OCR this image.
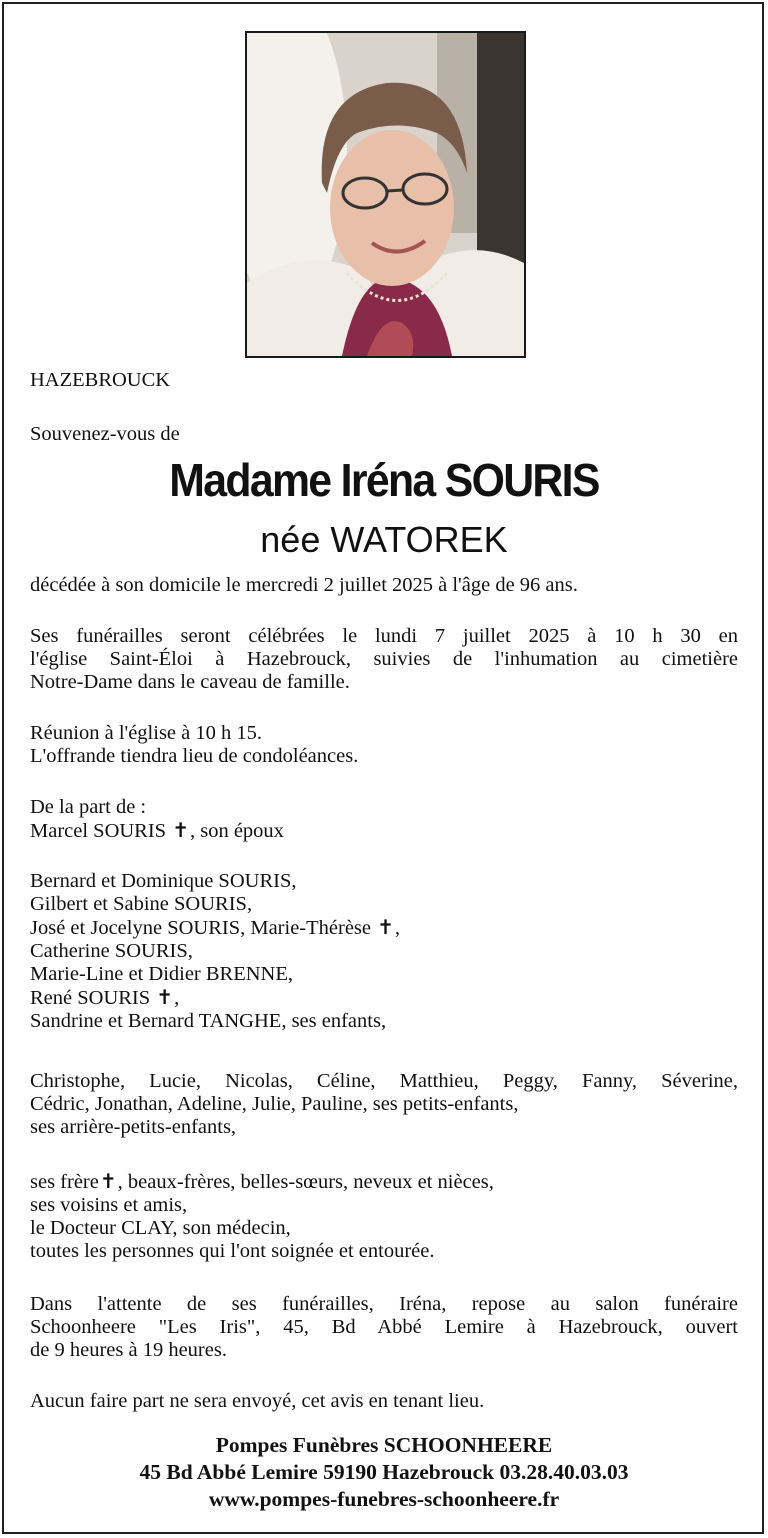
HAZEBROUCK

Souvenez-vous de

Madame Iréna SOURIS
née WATOREK

décédée à son domicile le mercredi 2 juillet 2025 à l'âge de 96 ans.

Ses funérailles seront célébrées le lundi 7 juillet 2025 à 10 h 30 en
l'église Saint-Éloi à Hazebrouck, suivies de l'inhumation au cimetière
Notre-Dame dans le caveau de famille.
Réunion à l'église à 10 h 15.
L'offrande tiendra lieu de condoléances.
De la part de :
Marcel SOURIS ✝, son époux
Bernard et Dominique SOURIS,
Gilbert et Sabine SOURIS,
José et Jocelyne SOURIS, Marie-Thérèse ✝,
Catherine SOURIS,
Marie-Line et Didier BRENNE,
René SOURIS ✝,
Sandrine et Bernard TANGHE, ses enfants,
Christophe, Lucie, Nicolas, Céline, Matthieu, Peggy, Fanny, Séverine,
Cédric, Jonathan, Adeline, Julie, Pauline, ses petits-enfants,
ses arrière-petits-enfants,
ses frère✝, beaux-frères, belles-sœurs, neveux et nièces,
ses voisins et amis,
le Docteur CLAY, son médecin,
toutes les personnes qui l'ont soignée et entourée.
Dans l'attente de ses funérailles, Iréna, repose au salon funéraire
Schoonheere "Les Iris", 45, Bd Abbé Lemire à Hazebrouck, ouvert
de 9 heures à 19 heures.

Aucun faire part ne sera envoyé, cet avis en tenant lieu.

Pompes Funèbres SCHOONHEERE
45 Bd Abbé Lemire 59190 Hazebrouck 03.28.40.03.03
www.pompes-funebres-schoonheere.fr
